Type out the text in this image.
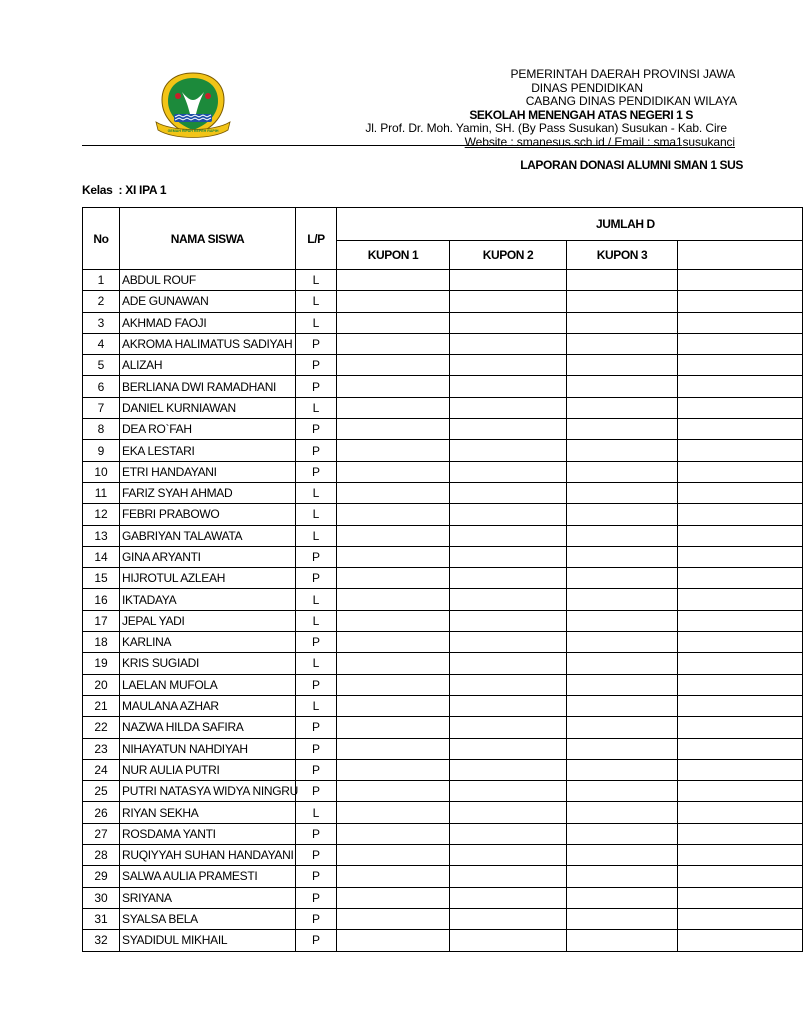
GEMAH RIPAH REPEH RAPIH
PEMERINTAH DAERAH PROVINSI JAWA
DINAS PENDIDIKAN
CABANG DINAS PENDIDIKAN WILAYA
SEKOLAH MENENGAH ATAS NEGERI 1 S
Jl. Prof. Dr. Moh. Yamin, SH. (By Pass Susukan) Susukan - Kab. Cire
Website : smanesus.sch.id / Email : sma1susukanci
LAPORAN DONASI ALUMNI SMAN 1 SUS
Kelas : XI IPA 1
No	NAMA SISWA	L/P	JUMLAH D			
			KUPON 1	KUPON 2	KUPON 3	
1	ABDUL ROUF	L				
2	ADE GUNAWAN	L				
3	AKHMAD FAOJI	L				
4	AKROMA HALIMATUS SADIYAH	P				
5	ALIZAH	P				
6	BERLIANA DWI RAMADHANI	P				
7	DANIEL KURNIAWAN	L				
8	DEA RO`FAH	P				
9	EKA LESTARI	P				
10	ETRI HANDAYANI	P				
11	FARIZ SYAH AHMAD	L				
12	FEBRI PRABOWO	L				
13	GABRIYAN TALAWATA	L				
14	GINA ARYANTI	P				
15	HIJROTUL AZLEAH	P				
16	IKTADAYA	L				
17	JEPAL YADI	L				
18	KARLINA	P				
19	KRIS SUGIADI	L				
20	LAELAN MUFOLA	P				
21	MAULANA AZHAR	L				
22	NAZWA HILDA SAFIRA	P				
23	NIHAYATUN NAHDIYAH	P				
24	NUR AULIA PUTRI	P				
25	PUTRI NATASYA WIDYA NINGRU	P				
26	RIYAN SEKHA	L				
27	ROSDAMA YANTI	P				
28	RUQIYYAH SUHAN HANDAYANI	P				
29	SALWA AULIA PRAMESTI	P				
30	SRIYANA	P				
31	SYALSA BELA	P				
32	SYADIDUL MIKHAIL	P				
